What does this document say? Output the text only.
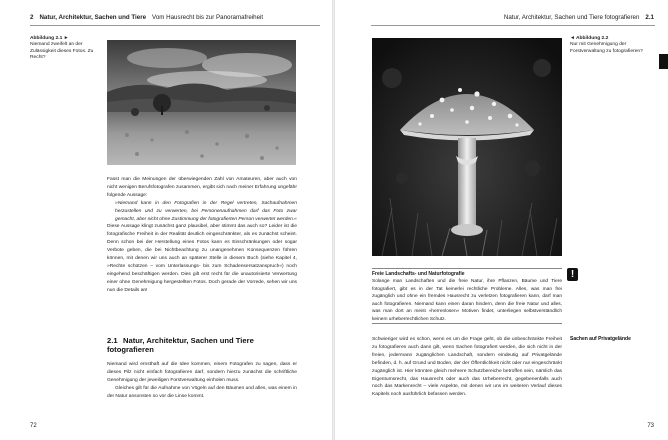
2 Natur, Architektur, Sachen und Tiere Vom Hausrecht bis zur Panoramafreiheit
Abbildung 2.1 ►
Niemand zweifelt an der Zulässigkeit dieses Fotos. Zu Recht?

Fasst man die Meinungen der überwiegenden Zahl von Amateuren, aber auch von nicht wenigen Berufsfotografen zusammen, ergibt sich nach meiner Erfahrung ungefähr folgende Aussage:

»Niemand kann in den Fotografien in der Regel vertreten, Sachaufnahmen herzustellen und zu verwerten, bei Personenaufnahmen darf das Foto zwar gemacht, aber nicht ohne Zustimmung der fotografierten Person verwertet werden.«

Diese Aussage klingt zunächst ganz plausibel, aber stimmt das auch so? Leider ist die fotografische Freiheit in der Realität deutlich eingeschränkter, als es zunächst scheint. Denn schon bei der Herstellung eines Fotos kann es Einschränkungen oder sogar Verbote geben, die bei Nichtbeachtung zu unangenehmen Konsequenzen führen können, mit denen wir uns auch an späterer Stelle in diesem Buch (siehe Kapitel 4, »Rechte schützen – vom Unterlassungs- bis zum Schadensersatzanspruch«) noch eingehend beschäftigen werden. Dies gilt erst recht für die unautorisierte Verwertung einer ohne Genehmigung hergestellten Fotos. Doch gerade der Vorrede, sehen wir uns nun die Details an!

2.1 Natur, Architektur, Sachen und Tiere fotografieren

Niemand wird ernsthaft auf die Idee kommen, einem Fotografen zu sagen, dass er dieses Pilz nicht einfach fotografieren darf, sondern hierzu zunächst die schriftliche Genehmigung der jeweiligen Forstverwaltung einholen muss.

Gleiches gilt für die Aufnahme von Vögeln auf den Bäumen und alles, was einem in der Natur ansonsten so vor die Linse kommt.

72
Natur, Architektur, Sachen und Tiere fotografieren 2.1
◄ Abbildung 2.2
Nur mit Genehmigung der Forstverwaltung zu fotografieren?
Freie Landschafts- und Naturfotografie
Solange man Landschaften und die freie Natur, ihre Pflanzen, Bäume und Tiere fotografiert, gibt es in der Tat keinerlei rechtliche Probleme. Alles, was man frei zugänglich und ohne ein fremdes Hausrecht zu verletzen fotografieren kann, darf man auch fotografieren. Niemand kann einen daran hindern, denn die freie Natur und alles, was man dort an meist »herrenlosen« Motiven findet, unterliegen selbstverständlich keinem urheberrechtlichen Schutz.
!

Schwieriger wird es schon, wenn es um die Frage geht, ob die unbeschränkte Freiheit zu fotografieren auch dann gilt, wenn Sachen fotografiert werden, die sich nicht in der freien, jedermann zugänglichen Landschaft, sondern eindeutig auf Privatgelände befinden, d. h. auf Grund und Boden, der der Öffentlichkeit nicht oder nur eingeschränkt zugänglich ist. Hier könnten gleich mehrere Schutzbereiche betroffen sein, nämlich das Eigentumsrecht, das Hausrecht oder auch das Urheberrecht, gegebenenfalls auch noch das Markenrecht – viele Aspekte, mit denen wir uns im weiteren Verlauf dieses Kapitels noch ausführlich befassen werden.

Sachen auf Privatgelände
73
